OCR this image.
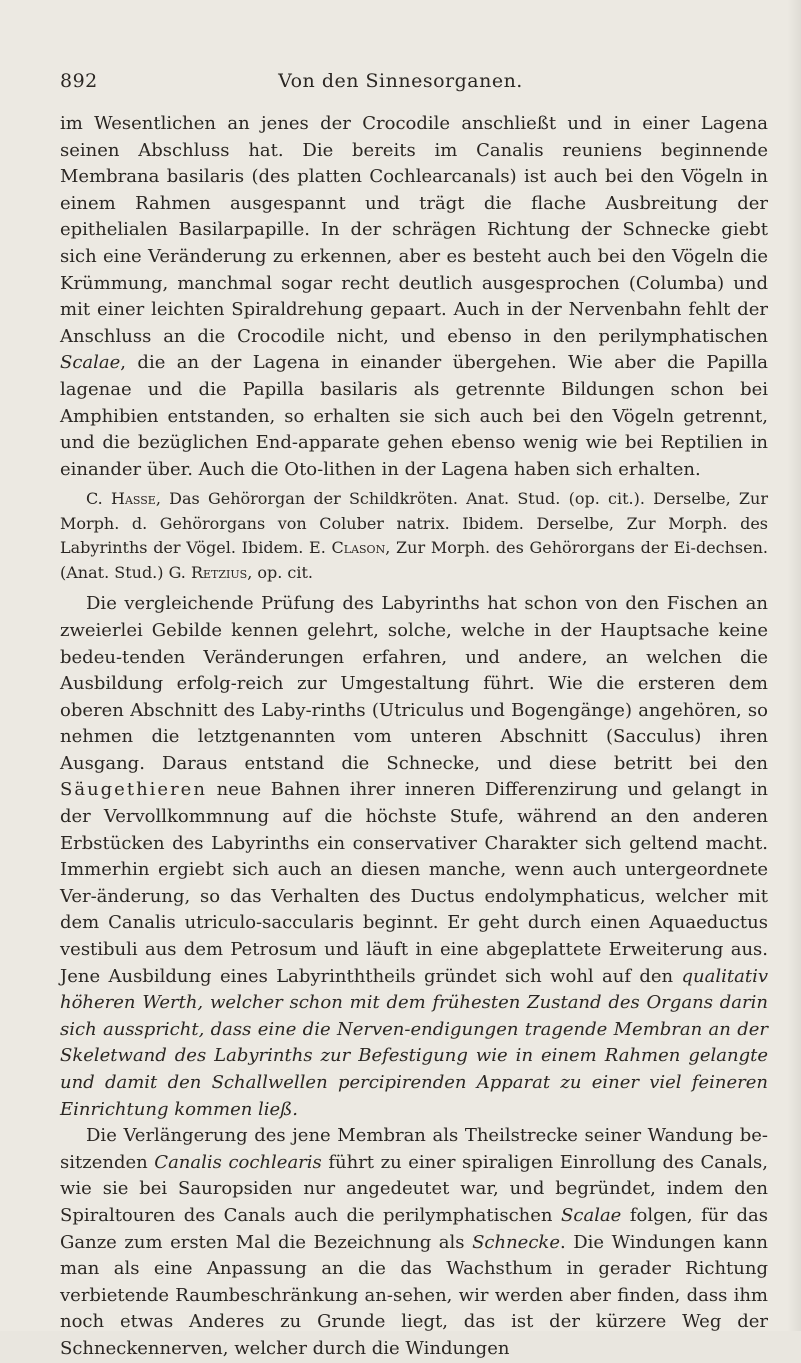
892	Von den Sinnesorganen.

im Wesentlichen an jenes der Crocodile anschließt und in einer Lagena seinen Abschluss hat. Die bereits im Canalis reuniens beginnende Membrana basilaris (des platten Cochlearcanals) ist auch bei den Vögeln in einem Rahmen ausgespannt und trägt die flache Ausbreitung der epithelialen Basilarpapille. In der schrägen Richtung der Schnecke giebt sich eine Veränderung zu erkennen, aber es besteht auch bei den Vögeln die Krümmung, manchmal sogar recht deutlich ausgesprochen (Columba) und mit einer leichten Spiraldrehung gepaart. Auch in der Nervenbahn fehlt der Anschluss an die Crocodile nicht, und ebenso in den perilymphatischen Scalae, die an der Lagena in einander übergehen. Wie aber die Papilla lagenae und die Papilla basilaris als getrennte Bildungen schon bei Amphibien entstanden, so erhalten sie sich auch bei den Vögeln getrennt, und die bezüglichen End-apparate gehen ebenso wenig wie bei Reptilien in einander über. Auch die Oto-lithen in der Lagena haben sich erhalten.

C. Hasse, Das Gehörorgan der Schildkröten. Anat. Stud. (op. cit.). Derselbe, Zur Morph. d. Gehörorgans von Coluber natrix. Ibidem. Derselbe, Zur Morph. des Labyrinths der Vögel. Ibidem. E. Clason, Zur Morph. des Gehörorgans der Ei-dechsen. (Anat. Stud.) G. Retzius, op. cit.

Die vergleichende Prüfung des Labyrinths hat schon von den Fischen an zweierlei Gebilde kennen gelehrt, solche, welche in der Hauptsache keine bedeu-tenden Veränderungen erfahren, und andere, an welchen die Ausbildung erfolg-reich zur Umgestaltung führt. Wie die ersteren dem oberen Abschnitt des Laby-rinths (Utriculus und Bogengänge) angehören, so nehmen die letztgenannten vom unteren Abschnitt (Sacculus) ihren Ausgang. Daraus entstand die Schnecke, und diese betritt bei den Säugethieren neue Bahnen ihrer inneren Differenzirung und gelangt in der Vervollkommnung auf die höchste Stufe, während an den anderen Erbstücken des Labyrinths ein conservativer Charakter sich geltend macht. Immerhin ergiebt sich auch an diesen manche, wenn auch untergeordnete Ver-änderung, so das Verhalten des Ductus endolymphaticus, welcher mit dem Canalis utriculo-saccularis beginnt. Er geht durch einen Aquaeductus vestibuli aus dem Petrosum und läuft in eine abgeplattete Erweiterung aus. Jene Ausbildung eines Labyrinththeils gründet sich wohl auf den qualitativ höheren Werth, welcher schon mit dem frühesten Zustand des Organs darin sich ausspricht, dass eine die Nerven-endigungen tragende Membran an der Skeletwand des Labyrinths zur Befestigung wie in einem Rahmen gelangte und damit den Schallwellen percipirenden Apparat zu einer viel feineren Einrichtung kommen ließ.

Die Verlängerung des jene Membran als Theilstrecke seiner Wandung be-sitzenden Canalis cochlearis führt zu einer spiraligen Einrollung des Canals, wie sie bei Sauropsiden nur angedeutet war, und begründet, indem den Spiraltouren des Canals auch die perilymphatischen Scalae folgen, für das Ganze zum ersten Mal die Bezeichnung als Schnecke. Die Windungen kann man als eine Anpassung an die das Wachsthum in gerader Richtung verbietende Raumbeschränkung an-sehen, wir werden aber finden, dass ihm noch etwas Anderes zu Grunde liegt, das ist der kürzere Weg der Schneckennerven, welcher durch die Windungen
